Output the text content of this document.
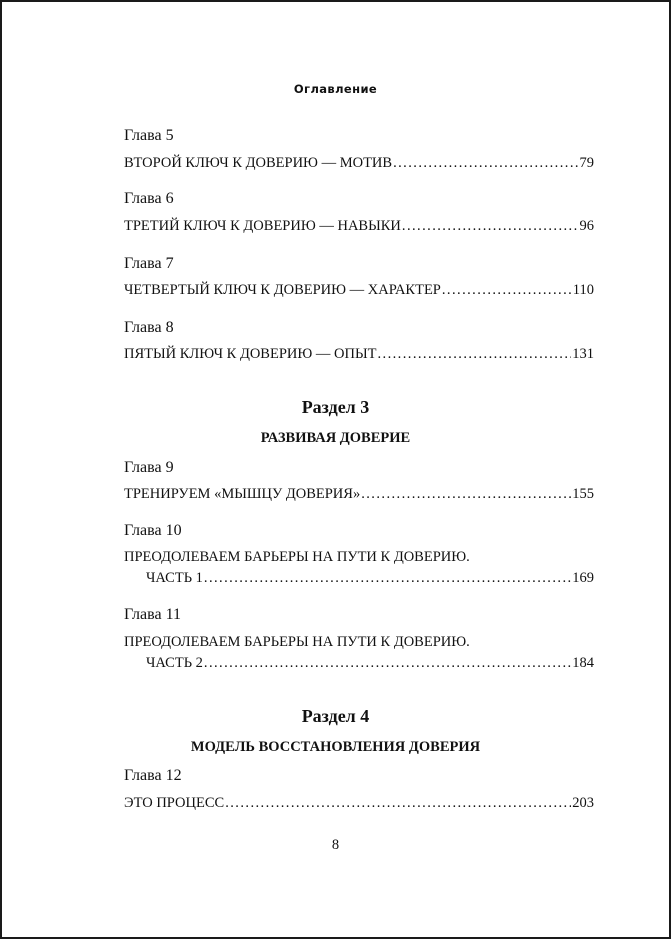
Оглавление
Глава 5
ВТОРОЙ КЛЮЧ К ДОВЕРИЮ — МОТИВ . . .	79
Глава 6
ТРЕТИЙ КЛЮЧ К ДОВЕРИЮ — НАВЫКИ . . .	96
Глава 7
ЧЕТВЕРТЫЙ КЛЮЧ К ДОВЕРИЮ — ХАРАКТЕР . . .	110
Глава 8
ПЯТЫЙ КЛЮЧ К ДОВЕРИЮ — ОПЫТ . . .	131
Раздел 3
РАЗВИВАЯ ДОВЕРИЕ
Глава 9
ТРЕНИРУЕМ «МЫШЦУ ДОВЕРИЯ» . . .	155
Глава 10
ПРЕОДОЛЕВАЕМ БАРЬЕРЫ НА ПУТИ К ДОВЕРИЮ.
ЧАСТЬ 1 . . .	169
Глава 11
ПРЕОДОЛЕВАЕМ БАРЬЕРЫ НА ПУТИ К ДОВЕРИЮ.
ЧАСТЬ 2 . . .	184
Раздел 4
МОДЕЛЬ ВОССТАНОВЛЕНИЯ ДОВЕРИЯ
Глава 12
ЭТО ПРОЦЕСС . . .	203
8
